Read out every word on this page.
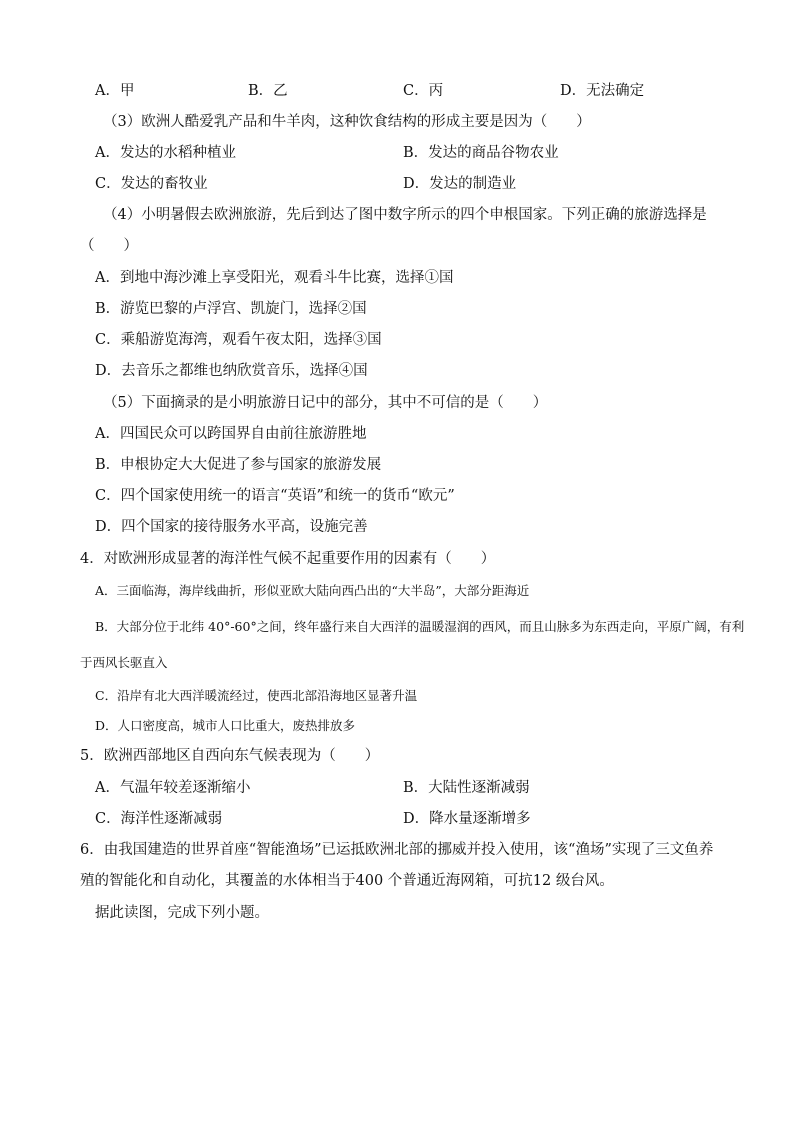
A．甲	B．乙	C．丙	D．无法确定
（3）欧洲人酷爱乳产品和牛羊肉，这种饮食结构的形成主要是因为（　　）
A．发达的水稻种植业	B．发达的商品谷物农业
C．发达的畜牧业	D．发达的制造业
（4）小明暑假去欧洲旅游，先后到达了图中数字所示的四个申根国家。下列正确的旅游选择是
（　　）
A．到地中海沙滩上享受阳光，观看斗牛比赛，选择①国
B．游览巴黎的卢浮宫、凯旋门，选择②国
C．乘船游览海湾，观看午夜太阳，选择③国
D．去音乐之都维也纳欣赏音乐，选择④国
（5）下面摘录的是小明旅游日记中的部分，其中不可信的是（　　）
A．四国民众可以跨国界自由前往旅游胜地
B．申根协定大大促进了参与国家的旅游发展
C．四个国家使用统一的语言“英语”和统一的货币“欧元”
D．四个国家的接待服务水平高，设施完善
4．对欧洲形成显著的海洋性气候不起重要作用的因素有（　　）
A．三面临海，海岸线曲折，形似亚欧大陆向西凸出的“大半岛”，大部分距海近
B．大部分位于北纬 40°-60°之间，终年盛行来自大西洋的温暖湿润的西风，而且山脉多为东西走向，平原广阔，有利
于西风长驱直入
C．沿岸有北大西洋暖流经过，使西北部沿海地区显著升温
D．人口密度高，城市人口比重大，废热排放多
5．欧洲西部地区自西向东气候表现为（　　）
A．气温年较差逐渐缩小	B．大陆性逐渐减弱
C．海洋性逐渐减弱	D．降水量逐渐增多
6．由我国建造的世界首座“智能渔场”已运抵欧洲北部的挪威并投入使用，该“渔场”实现了三文鱼养
殖的智能化和自动化，其覆盖的水体相当于400 个普通近海网箱，可抗12 级台风。
据此读图，完成下列小题。
